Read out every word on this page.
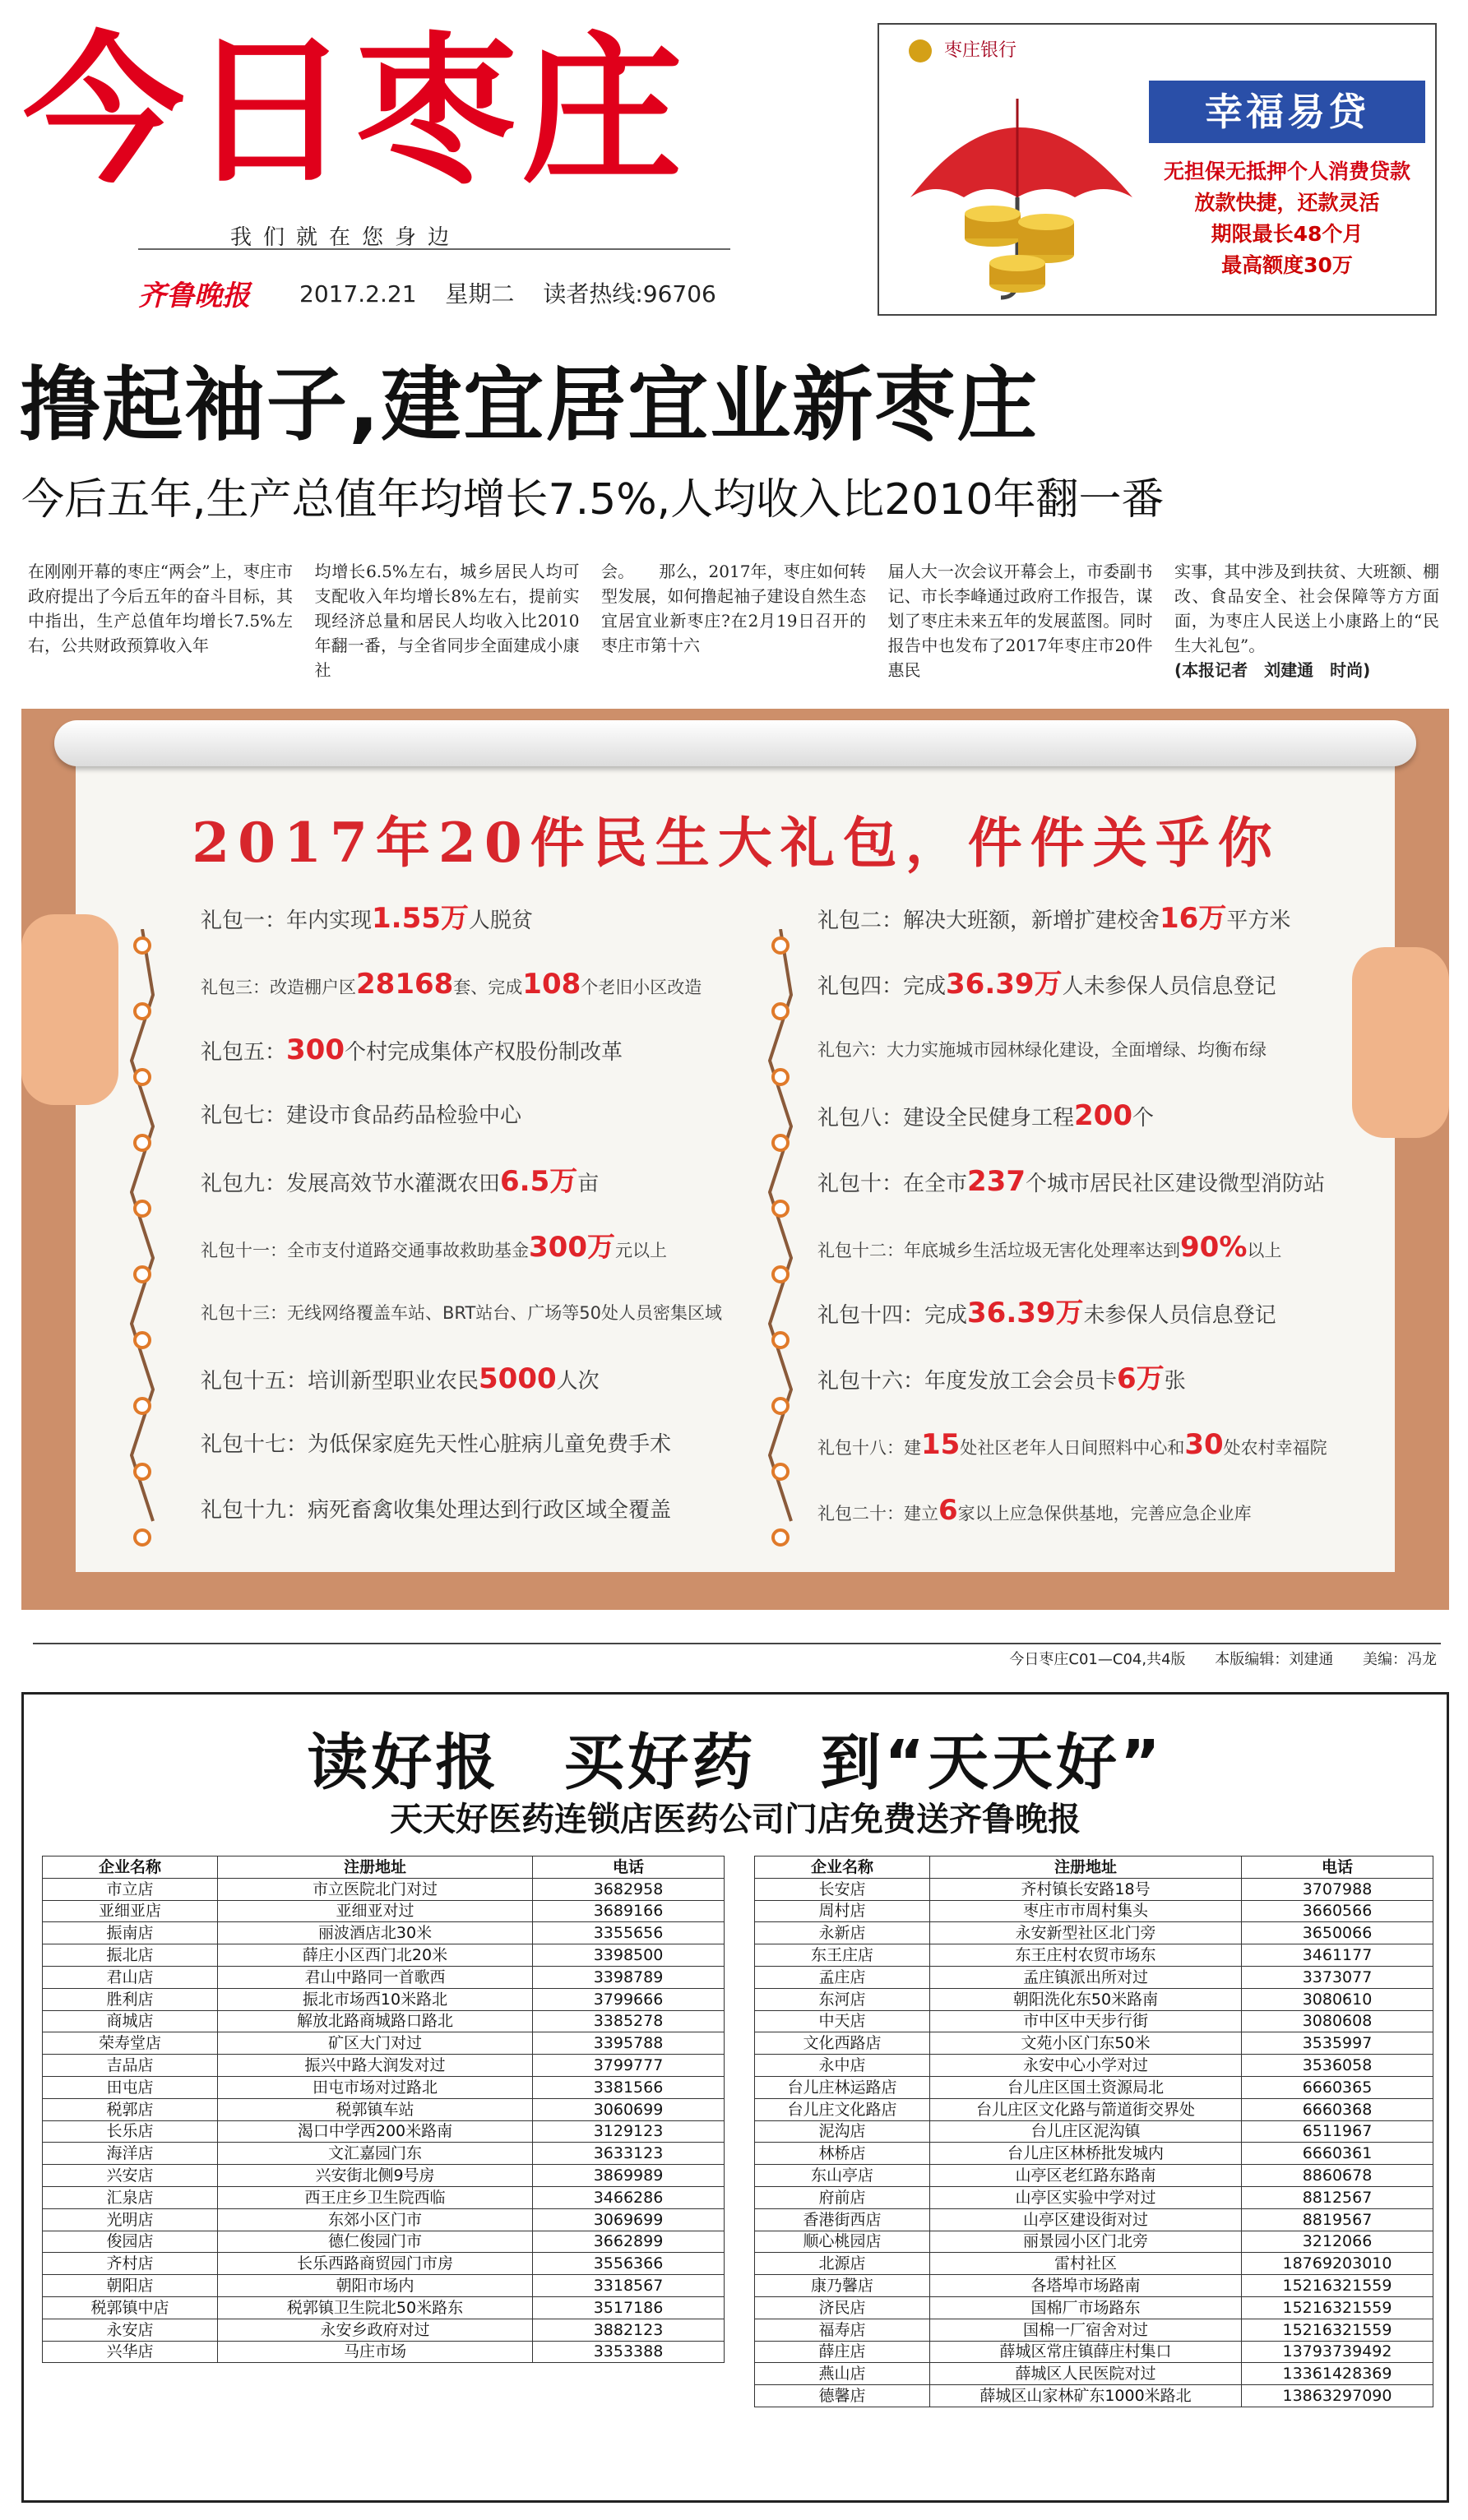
今日枣庄
我们就在您身边
齐鲁晚报 2017.2.21 星期二 读者热线:96706
枣庄银行
幸福易贷
无担保无抵押个人消费贷款
放款快捷，还款灵活
期限最长48个月
最高额度30万
撸起袖子,建宜居宜业新枣庄
今后五年,生产总值年均增长7.5%,人均收入比2010年翻一番
在刚刚开幕的枣庄“两会”上，枣庄市政府提出了今后五年的奋斗目标，其中指出，生产总值年均增长7.5%左右，公共财政预算收入年
均增长6.5%左右，城乡居民人均可支配收入年均增长8%左右，提前实现经济总量和居民人均收入比2010年翻一番，与全省同步全面建成小康社
会。　　那么，2017年，枣庄如何转型发展，如何撸起袖子建设自然生态宜居宜业新枣庄?在2月19日召开的枣庄市第十六
届人大一次会议开幕会上，市委副书记、市长李峰通过政府工作报告，谋划了枣庄未来五年的发展蓝图。同时报告中也发布了2017年枣庄市20件惠民
实事，其中涉及到扶贫、大班额、棚改、食品安全、社会保障等方方面面，为枣庄人民送上小康路上的“民生大礼包”。
(本报记者　刘建通　时尚)
2017年20件民生大礼包，件件关乎你
礼包一：年内实现1.55万人脱贫	礼包二：解决大班额，新增扩建校舍16万平方米
礼包三：改造棚户区28168套、完成108个老旧小区改造	礼包四：完成36.39万人未参保人员信息登记
礼包五：300个村完成集体产权股份制改革	礼包六：大力实施城市园林绿化建设，全面增绿、均衡布绿
礼包七：建设市食品药品检验中心	礼包八：建设全民健身工程200个
礼包九：发展高效节水灌溉农田6.5万亩	礼包十：在全市237个城市居民社区建设微型消防站
礼包十一：全市支付道路交通事故救助基金300万元以上	礼包十二：年底城乡生活垃圾无害化处理率达到90%以上
礼包十三：无线网络覆盖车站、BRT站台、广场等50处人员密集区域	礼包十四：完成36.39万未参保人员信息登记
礼包十五：培训新型职业农民5000人次	礼包十六：年度发放工会会员卡6万张
礼包十七：为低保家庭先天性心脏病儿童免费手术	礼包十八：建15处社区老年人日间照料中心和30处农村幸福院
礼包十九：病死畜禽收集处理达到行政区域全覆盖	礼包二十：建立6家以上应急保供基地，完善应急企业库
今日枣庄C01—C04,共4版 本版编辑：刘建通 美编：冯龙
读好报　买好药　到“天天好”
天天好医药连锁店医药公司门店免费送齐鲁晚报
企业名称	注册地址	电话
市立店	市立医院北门对过	3682958
亚细亚店	亚细亚对过	3689166
振南店	丽波酒店北30米	3355656
振北店	薛庄小区西门北20米	3398500
君山店	君山中路同一首歌西	3398789
胜利店	振北市场西10米路北	3799666
商城店	解放北路商城路口路北	3385278
荣寿堂店	矿区大门对过	3395788
吉品店	振兴中路大润发对过	3799777
田屯店	田屯市场对过路北	3381566
税郭店	税郭镇车站	3060699
长乐店	渴口中学西200米路南	3129123
海洋店	文汇嘉园门东	3633123
兴安店	兴安街北侧9号房	3869989
汇泉店	西王庄乡卫生院西临	3466286
光明店	东郊小区门市	3069699
俊园店	德仁俊园门市	3662899
齐村店	长乐西路商贸园门市房	3556366
朝阳店	朝阳市场内	3318567
税郭镇中店	税郭镇卫生院北50米路东	3517186
永安店	永安乡政府对过	3882123
兴华店	马庄市场	3353388
企业名称	注册地址	电话
长安店	齐村镇长安路18号	3707988
周村店	枣庄市市周村集头	3660566
永新店	永安新型社区北门旁	3650066
东王庄店	东王庄村农贸市场东	3461177
孟庄店	孟庄镇派出所对过	3373077
东河店	朝阳洗化东50米路南	3080610
中天店	市中区中天步行街	3080608
文化西路店	文苑小区门东50米	3535997
永中店	永安中心小学对过	3536058
台儿庄林运路店	台儿庄区国土资源局北	6660365
台儿庄文化路店	台儿庄区文化路与箭道街交界处	6660368
泥沟店	台儿庄区泥沟镇	6511967
林桥店	台儿庄区林桥批发城内	6660361
东山亭店	山亭区老红路东路南	8860678
府前店	山亭区实验中学对过	8812567
香港街西店	山亭区建设街对过	8819567
顺心桃园店	丽景园小区门北旁	3212066
北源店	雷村社区	18769203010
康乃馨店	各塔埠市场路南	15216321559
济民店	国棉厂市场路东	15216321559
福寿店	国棉一厂宿舍对过	15216321559
薛庄店	薛城区常庄镇薛庄村集口	13793739492
燕山店	薛城区人民医院对过	13361428369
德馨店	薛城区山家林矿东1000米路北	13863297090
